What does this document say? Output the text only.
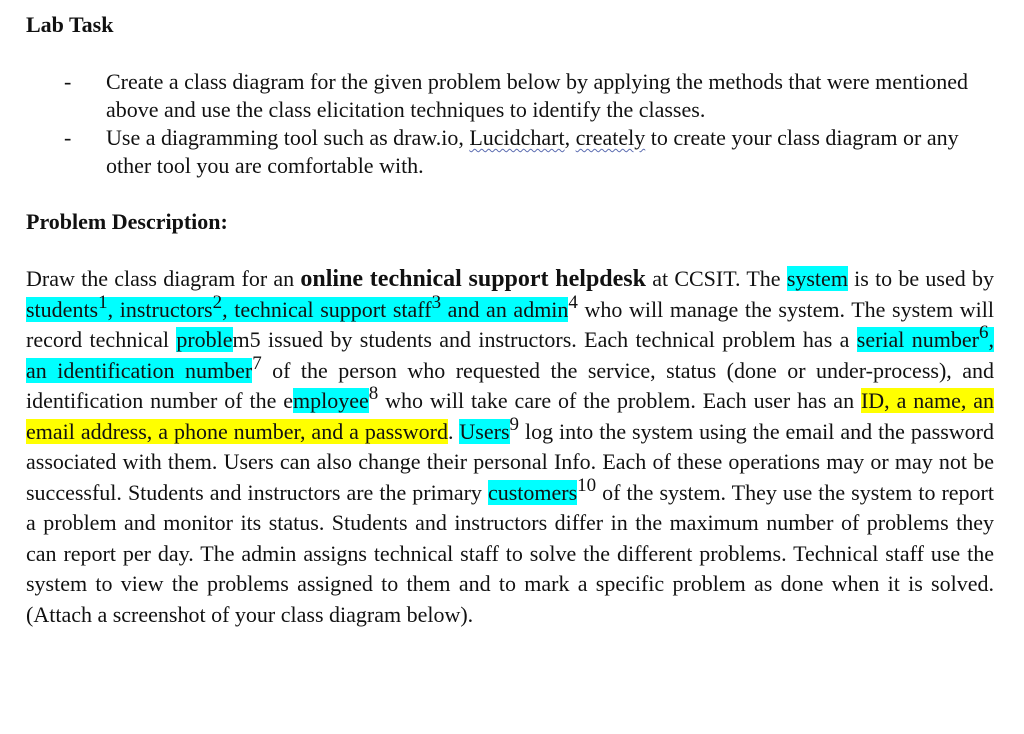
Lab Task
- Create a class diagram for the given problem below by applying the methods that were mentioned above and use the class elicitation techniques to identify the classes.
- Use a diagramming tool such as draw.io, Lucidchart, creately to create your class diagram or any other tool you are comfortable with.
Problem Description:

Draw the class diagram for an online technical support helpdesk at CCSIT. The system is to be used by students$^1$, instructors$^2$, technical support staff$^3$ and an admin$^4$ who will manage the system. The system will record technical problem5 issued by students and instructors. Each technical problem has a serial number$^6$, an identification number$^7$ of the person who requested the service, status (done or under-process), and identification number of the employee$^8$ who will take care of the problem. Each user has an ID, a name, an email address, a phone number, and a password. Users$^9$ log into the system using the email and the password associated with them. Users can also change their personal Info. Each of these operations may or may not be successful. Students and instructors are the primary customers$^{10}$ of the system. They use the system to report a problem and monitor its status. Students and instructors differ in the maximum number of problems they can report per day. The admin assigns technical staff to solve the different problems. Technical staff use the system to view the problems assigned to them and to mark a specific problem as done when it is solved. (Attach a screenshot of your class diagram below).
